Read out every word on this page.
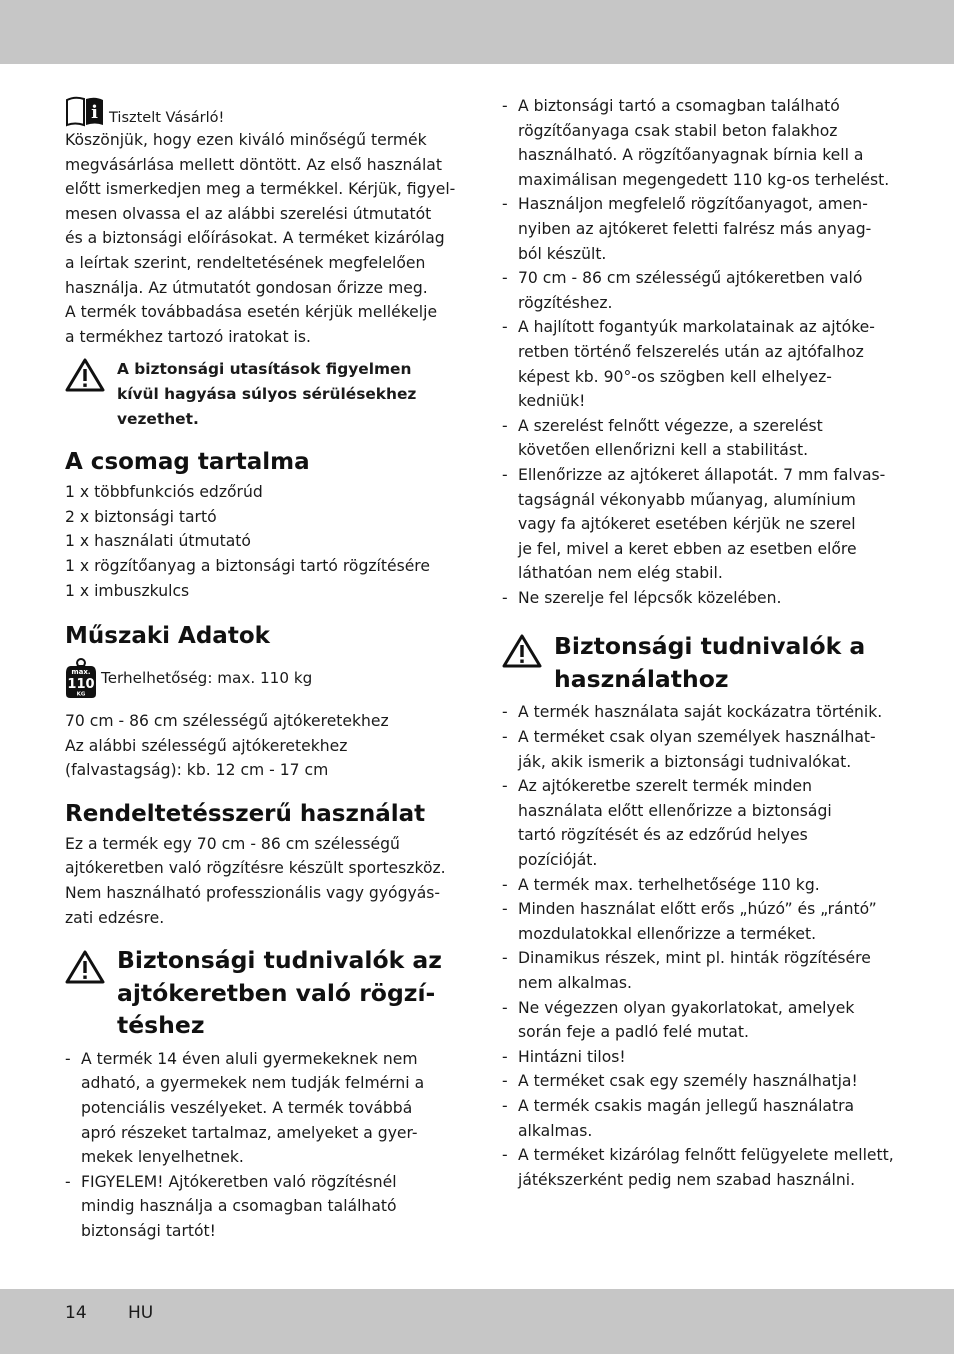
i Tisztelt Vásárló!
Köszönjük, hogy ezen kiváló minőségű termék
megvásárlása mellett döntött. Az első használat
előtt ismerkedjen meg a termékkel. Kérjük, figyel-
mesen olvassa el az alábbi szerelési útmutatót
és a biztonsági előírásokat. A terméket kizárólag
a leírtak szerint, rendeltetésének megfelelően
használja. Az útmutatót gondosan őrizze meg.
A termék továbbadása esetén kérjük mellékelje
a termékhez tartozó iratokat is.
A biztonsági utasítások figyelmen
kívül hagyása súlyos sérülésekhez
vezethet.
A csomag tartalma
1 x többfunkciós edzőrúd
2 x biztonsági tartó
1 x használati útmutató
1 x rögzítőanyag a biztonsági tartó rögzítésére
1 x imbuszkulcs
Műszaki Adatok
max.
110
KG
Terhelhetőség: max. 110 kg
70 cm - 86 cm szélességű ajtókeretekhez
Az alábbi szélességű ajtókeretekhez
(falvastagság): kb. 12 cm - 17 cm
Rendeltetésszerű használat
Ez a termék egy 70 cm - 86 cm szélességű
ajtókeretben való rögzítésre készült sporteszköz.
Nem használható professzionális vagy gyógyás-
zati edzésre.
Biztonsági tudnivalók az
ajtókeretben való rögzí-
téshez
- A termék 14 éven aluli gyermekeknek nem
adható, a gyermekek nem tudják felmérni a
potenciális veszélyeket. A termék továbbá
apró részeket tartalmaz, amelyeket a gyer-
mekek lenyelhetnek.
- FIGYELEM! Ajtókeretben való rögzítésnél
mindig használja a csomagban található
biztonsági tartót!
- A biztonsági tartó a csomagban található
rögzítőanyaga csak stabil beton falakhoz
használható. A rögzítőanyagnak bírnia kell a
maximálisan megengedett 110 kg-os terhelést.
- Használjon megfelelő rögzítőanyagot, amen-
nyiben az ajtókeret feletti falrész más anyag-
ból készült.
- 70 cm - 86 cm szélességű ajtókeretben való
rögzítéshez.
- A hajlított fogantyúk markolatainak az ajtóke-
retben történő felszerelés után az ajtófalhoz
képest kb. 90°-os szögben kell elhelyez-
kedniük!
- A szerelést felnőtt végezze, a szerelést
követően ellenőrizni kell a stabilitást.
- Ellenőrizze az ajtókeret állapotát. 7 mm falvas-
tagságnál vékonyabb műanyag, alumínium
vagy fa ajtókeret esetében kérjük ne szerel
je fel, mivel a keret ebben az esetben előre
láthatóan nem elég stabil.
- Ne szerelje fel lépcsők közelében.
Biztonsági tudnivalók a
használathoz
- A termék használata saját kockázatra történik.
- A terméket csak olyan személyek használhat-
ják, akik ismerik a biztonsági tudnivalókat.
- Az ajtókeretbe szerelt termék minden
használata előtt ellenőrizze a biztonsági
tartó rögzítését és az edzőrúd helyes
pozícióját.
- A termék max. terhelhetősége 110 kg.
- Minden használat előtt erős „húzó” és „rántó”
mozdulatokkal ellenőrizze a terméket.
- Dinamikus részek, mint pl. hinták rögzítésére
nem alkalmas.
- Ne végezzen olyan gyakorlatokat, amelyek
során feje a padló felé mutat.
- Hintázni tilos!
- A terméket csak egy személy használhatja!
- A termék csakis magán jellegű használatra
alkalmas.
- A terméket kizárólag felnőtt felügyelete mellett,
játékszerként pedig nem szabad használni.
14 HU
